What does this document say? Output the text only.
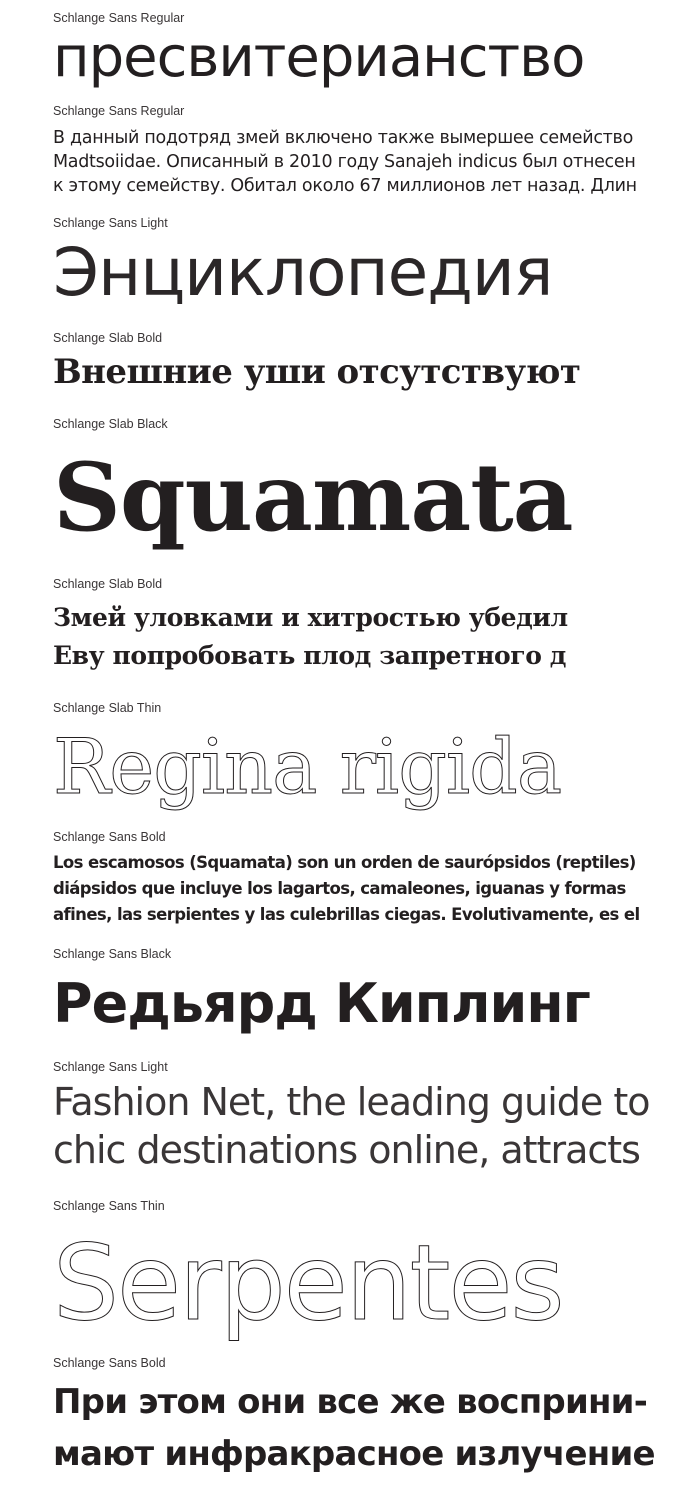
Schlange Sans Regular
пресвитерианство
Schlange Sans Regular
В данный подотряд змей включено также вымершее семейство
Madtsoiidae. Описанный в 2010 году Sanajeh indicus был отнесен
к этому семейству. Обитал около 67 миллионов лет назад. Длин
Schlange Sans Light
Энциклопедия
Schlange Slab Bold
Внешние уши отсутствуют
Schlange Slab Black
Squamata
Schlange Slab Bold
Змей уловками и хитростью убедил
Еву попробовать плод запретного д
Schlange Slab Thin
Regina rigida
Schlange Sans Bold
Los escamosos (Squamata) son un orden de saurópsidos (reptiles)
diápsidos que incluye los lagartos, camaleones, iguanas y formas
afines, las serpientes y las culebrillas ciegas. Evolutivamente, es el
Schlange Sans Black
Редьярд Киплинг
Schlange Sans Light
Fashion Net, the leading guide to
chic destinations online, attracts
Schlange Sans Thin
Serpentes
Schlange Sans Bold
При этом они все же восприни-
мают инфракрасное излучение
